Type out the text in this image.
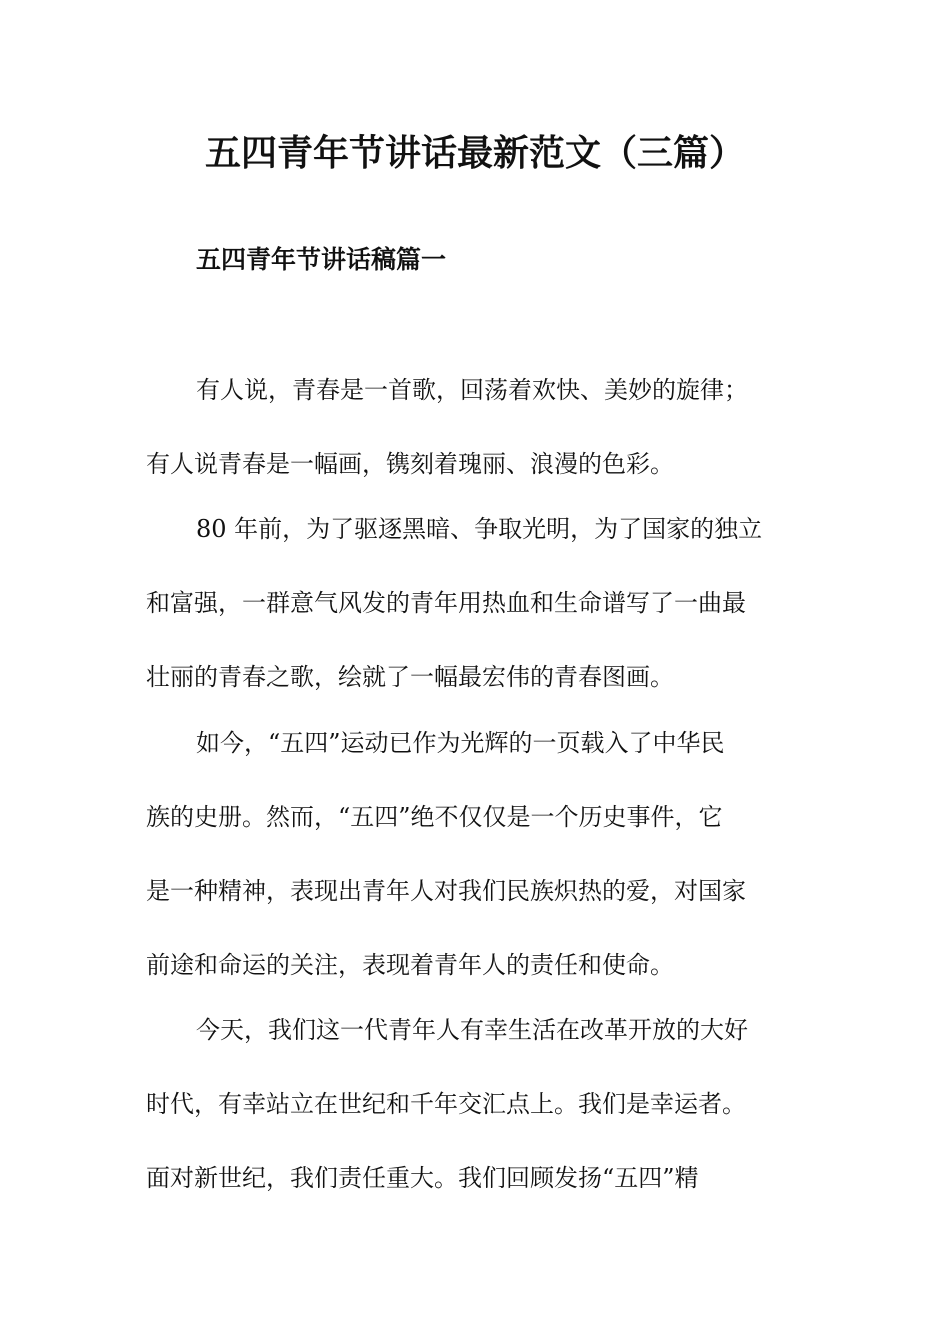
五四青年节讲话最新范文（三篇）
五四青年节讲话稿篇一

有人说，青春是一首歌，回荡着欢快、美妙的旋律；

有人说青春是一幅画，镌刻着瑰丽、浪漫的色彩。

80 年前，为了驱逐黑暗、争取光明，为了国家的独立

和富强，一群意气风发的青年用热血和生命谱写了一曲最

壮丽的青春之歌，绘就了一幅最宏伟的青春图画。

如今，“五四”运动已作为光辉的一页载入了中华民

族的史册。然而，“五四”绝不仅仅是一个历史事件，它

是一种精神，表现出青年人对我们民族炽热的爱，对国家

前途和命运的关注，表现着青年人的责任和使命。

今天，我们这一代青年人有幸生活在改革开放的大好

时代，有幸站立在世纪和千年交汇点上。我们是幸运者。

面对新世纪，我们责任重大。我们回顾发扬“五四”精
